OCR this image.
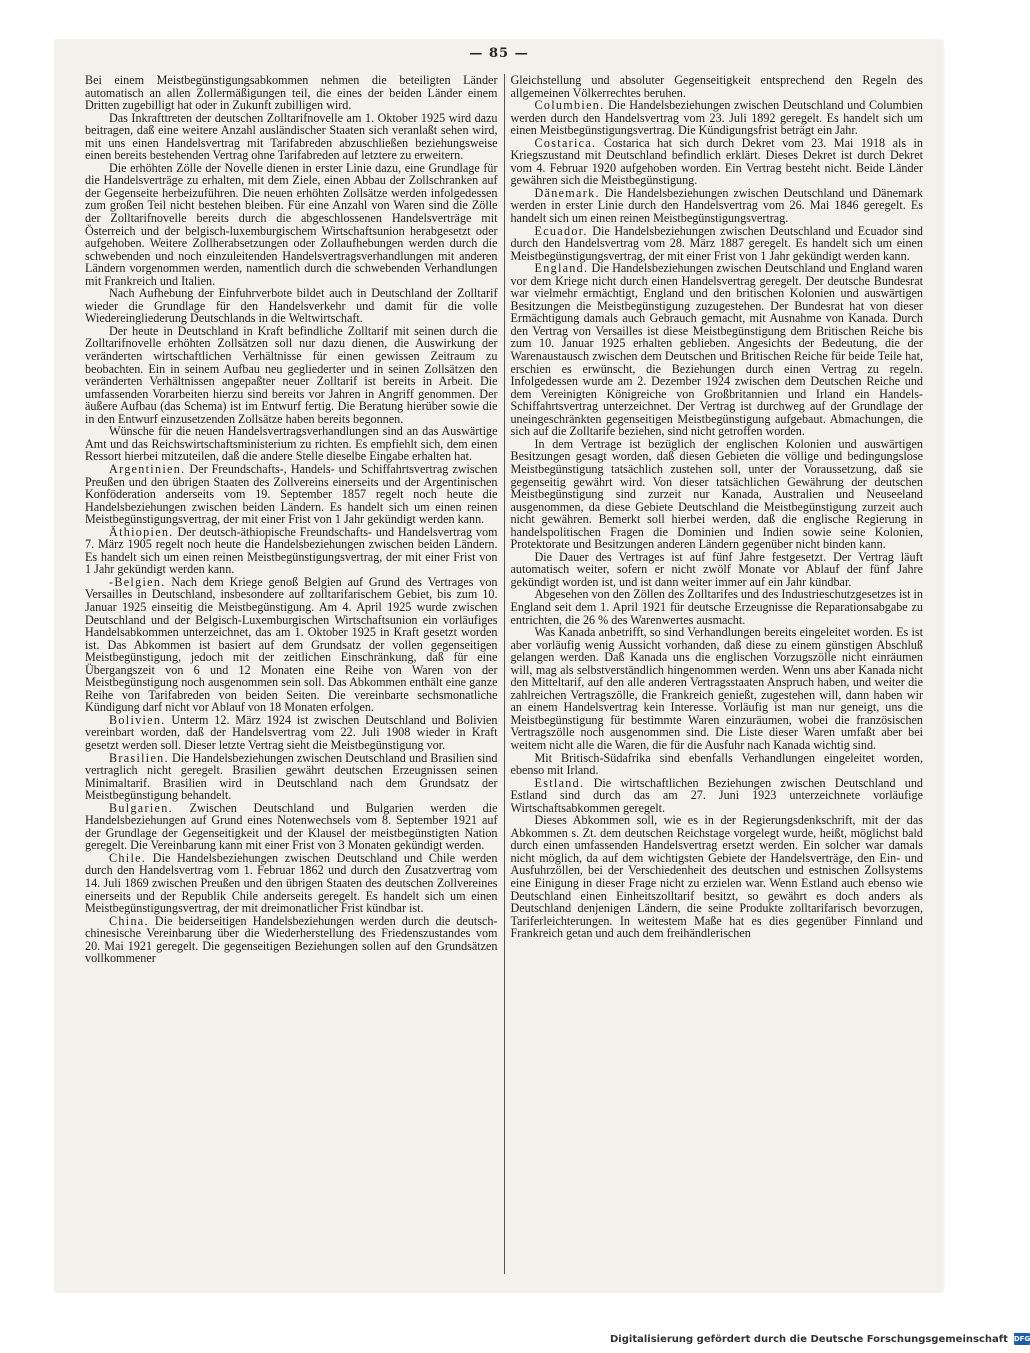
— 85 —

Bei einem Meistbegünstigungsabkommen nehmen die beteiligten Länder automatisch an allen Zollermäßigungen teil, die eines der beiden Länder einem Dritten zugebilligt hat oder in Zukunft zubilligen wird.

Das Inkrafttreten der deutschen Zolltarifnovelle am 1. Oktober 1925 wird dazu beitragen, daß eine weitere Anzahl ausländischer Staaten sich veranlaßt sehen wird, mit uns einen Handelsvertrag mit Tarifabreden abzuschließen beziehungsweise einen bereits bestehenden Vertrag ohne Tarifabreden auf letztere zu erweitern.

Die erhöhten Zölle der Novelle dienen in erster Linie dazu, eine Grundlage für die Handelsverträge zu erhalten, mit dem Ziele, einen Abbau der Zollschranken auf der Gegenseite herbeizuführen. Die neuen erhöhten Zollsätze werden infolgedessen zum großen Teil nicht bestehen bleiben. Für eine Anzahl von Waren sind die Zölle der Zolltarifnovelle bereits durch die abgeschlossenen Handelsverträge mit Österreich und der belgisch-luxemburgischem Wirtschaftsunion herabgesetzt oder aufgehoben. Weitere Zollherabsetzungen oder Zollaufhebungen werden durch die schwebenden und noch einzuleitenden Handelsvertragsverhandlungen mit anderen Ländern vorgenommen werden, namentlich durch die schwebenden Verhandlungen mit Frankreich und Italien.

Nach Aufhebung der Einfuhrverbote bildet auch in Deutschland der Zolltarif wieder die Grundlage für den Handelsverkehr und damit für die volle Wiedereingliederung Deutschlands in die Weltwirtschaft.

Der heute in Deutschland in Kraft befindliche Zolltarif mit seinen durch die Zolltarifnovelle erhöhten Zollsätzen soll nur dazu dienen, die Auswirkung der veränderten wirtschaftlichen Verhältnisse für einen gewissen Zeitraum zu beobachten. Ein in seinem Aufbau neu gegliederter und in seinen Zollsätzen den veränderten Verhältnissen angepaßter neuer Zolltarif ist bereits in Arbeit. Die umfassenden Vorarbeiten hierzu sind bereits vor Jahren in Angriff genommen. Der äußere Aufbau (das Schema) ist im Entwurf fertig. Die Beratung hierüber sowie die in den Entwurf einzusetzenden Zollsätze haben bereits begonnen.

Wünsche für die neuen Handelsvertragsverhandlungen sind an das Auswärtige Amt und das Reichswirtschaftsministerium zu richten. Es empfiehlt sich, dem einen Ressort hierbei mitzuteilen, daß die andere Stelle dieselbe Eingabe erhalten hat.

Argentinien. Der Freundschafts-, Handels- und Schiffahrtsvertrag zwischen Preußen und den übrigen Staaten des Zollvereins einerseits und der Argentinischen Konföderation anderseits vom 19. September 1857 regelt noch heute die Handelsbeziehungen zwischen beiden Ländern. Es handelt sich um einen reinen Meistbegünstigungsvertrag, der mit einer Frist von 1 Jahr gekündigt werden kann.

Äthiopien. Der deutsch-äthiopische Freundschafts- und Handelsvertrag vom 7. März 1905 regelt noch heute die Handelsbeziehungen zwischen beiden Ländern. Es handelt sich um einen reinen Meistbegünstigungsvertrag, der mit einer Frist von 1 Jahr gekündigt werden kann.

-Belgien. Nach dem Kriege genoß Belgien auf Grund des Vertrages von Versailles in Deutschland, insbesondere auf zolltarifarischem Gebiet, bis zum 10. Januar 1925 einseitig die Meistbegünstigung. Am 4. April 1925 wurde zwischen Deutschland und der Belgisch-Luxemburgischen Wirtschaftsunion ein vorläufiges Handelsabkommen unterzeichnet, das am 1. Oktober 1925 in Kraft gesetzt worden ist. Das Abkommen ist basiert auf dem Grundsatz der vollen gegenseitigen Meistbegünstigung, jedoch mit der zeitlichen Einschränkung, daß für eine Übergangszeit von 6 und 12 Monaten eine Reihe von Waren von der Meistbegünstigung noch ausgenommen sein soll. Das Abkommen enthält eine ganze Reihe von Tarifabreden von beiden Seiten. Die vereinbarte sechsmonatliche Kündigung darf nicht vor Ablauf von 18 Monaten erfolgen.

Bolivien. Unterm 12. März 1924 ist zwischen Deutschland und Bolivien vereinbart worden, daß der Handelsvertrag vom 22. Juli 1908 wieder in Kraft gesetzt werden soll. Dieser letzte Vertrag sieht die Meistbegünstigung vor.

Brasilien. Die Handelsbeziehungen zwischen Deutschland und Brasilien sind vertraglich nicht geregelt. Brasilien gewährt deutschen Erzeugnissen seinen Minimaltarif. Brasilien wird in Deutschland nach dem Grundsatz der Meistbegünstigung behandelt.

Bulgarien. Zwischen Deutschland und Bulgarien werden die Handelsbeziehungen auf Grund eines Notenwechsels vom 8. September 1921 auf der Grundlage der Gegenseitigkeit und der Klausel der meistbegünstigten Nation geregelt. Die Vereinbarung kann mit einer Frist von 3 Monaten gekündigt werden.

Chile. Die Handelsbeziehungen zwischen Deutschland und Chile werden durch den Handelsvertrag vom 1. Februar 1862 und durch den Zusatzvertrag vom 14. Juli 1869 zwischen Preußen und den übrigen Staaten des deutschen Zollvereines einerseits und der Republik Chile anderseits geregelt. Es handelt sich um einen Meistbegünstigungsvertrag, der mit dreimonatlicher Frist kündbar ist.

China. Die beiderseitigen Handelsbeziehungen werden durch die deutsch-chinesische Vereinbarung über die Wiederherstellung des Friedenszustandes vom 20. Mai 1921 geregelt. Die gegenseitigen Beziehungen sollen auf den Grundsätzen vollkommener

Gleichstellung und absoluter Gegenseitigkeit entsprechend den Regeln des allgemeinen Völkerrechtes beruhen.

Columbien. Die Handelsbeziehungen zwischen Deutschland und Columbien werden durch den Handelsvertrag vom 23. Juli 1892 geregelt. Es handelt sich um einen Meistbegünstigungsvertrag. Die Kündigungsfrist beträgt ein Jahr.

Costarica. Costarica hat sich durch Dekret vom 23. Mai 1918 als in Kriegszustand mit Deutschland befindlich erklärt. Dieses Dekret ist durch Dekret vom 4. Februar 1920 aufgehoben worden. Ein Vertrag besteht nicht. Beide Länder gewähren sich die Meistbegünstigung.

Dänemark. Die Handelsbeziehungen zwischen Deutschland und Dänemark werden in erster Linie durch den Handelsvertrag vom 26. Mai 1846 geregelt. Es handelt sich um einen reinen Meistbegünstigungsvertrag.

Ecuador. Die Handelsbeziehungen zwischen Deutschland und Ecuador sind durch den Handelsvertrag vom 28. März 1887 geregelt. Es handelt sich um einen Meistbegünstigungsvertrag, der mit einer Frist von 1 Jahr gekündigt werden kann.

England. Die Handelsbeziehungen zwischen Deutschland und England waren vor dem Kriege nicht durch einen Handelsvertrag geregelt. Der deutsche Bundesrat war vielmehr ermächtigt, England und den britischen Kolonien und auswärtigen Besitzungen die Meistbegünstigung zuzugestehen. Der Bundesrat hat von dieser Ermächtigung damals auch Gebrauch gemacht, mit Ausnahme von Kanada. Durch den Vertrag von Versailles ist diese Meistbegünstigung dem Britischen Reiche bis zum 10. Januar 1925 erhalten geblieben. Angesichts der Bedeutung, die der Warenaustausch zwischen dem Deutschen und Britischen Reiche für beide Teile hat, erschien es erwünscht, die Beziehungen durch einen Vertrag zu regeln. Infolgedessen wurde am 2. Dezember 1924 zwischen dem Deutschen Reiche und dem Vereinigten Königreiche von Großbritannien und Irland ein Handels-Schiffahrtsvertrag unterzeichnet. Der Vertrag ist durchweg auf der Grundlage der uneingeschränkten gegenseitigen Meistbegünstigung aufgebaut. Abmachungen, die sich auf die Zolltarife beziehen, sind nicht getroffen worden.

In dem Vertrage ist bezüglich der englischen Kolonien und auswärtigen Besitzungen gesagt worden, daß diesen Gebieten die völlige und bedingungslose Meistbegünstigung tatsächlich zustehen soll, unter der Voraussetzung, daß sie gegenseitig gewährt wird. Von dieser tatsächlichen Gewährung der deutschen Meistbegünstigung sind zurzeit nur Kanada, Australien und Neuseeland ausgenommen, da diese Gebiete Deutschland die Meistbegünstigung zurzeit auch nicht gewähren. Bemerkt soll hierbei werden, daß die englische Regierung in handelspolitischen Fragen die Dominien und Indien sowie seine Kolonien, Protektorate und Besitzungen anderen Ländern gegenüber nicht binden kann.

Die Dauer des Vertrages ist auf fünf Jahre festgesetzt. Der Vertrag läuft automatisch weiter, sofern er nicht zwölf Monate vor Ablauf der fünf Jahre gekündigt worden ist, und ist dann weiter immer auf ein Jahr kündbar.

Abgesehen von den Zöllen des Zolltarifes und des Industrieschutzgesetzes ist in England seit dem 1. April 1921 für deutsche Erzeugnisse die Reparationsabgabe zu entrichten, die 26 % des Warenwertes ausmacht.

Was Kanada anbetrifft, so sind Verhandlungen bereits eingeleitet worden. Es ist aber vorläufig wenig Aussicht vorhanden, daß diese zu einem günstigen Abschluß gelangen werden. Daß Kanada uns die englischen Vorzugszölle nicht einräumen will, mag als selbstverständlich hingenommen werden. Wenn uns aber Kanada nicht den Mitteltarif, auf den alle anderen Vertragsstaaten Anspruch haben, und weiter die zahlreichen Vertragszölle, die Frankreich genießt, zugestehen will, dann haben wir an einem Handelsvertrag kein Interesse. Vorläufig ist man nur geneigt, uns die Meistbegünstigung für bestimmte Waren einzuräumen, wobei die französischen Vertragszölle noch ausgenommen sind. Die Liste dieser Waren umfaßt aber bei weitem nicht alle die Waren, die für die Ausfuhr nach Kanada wichtig sind.

Mit Britisch-Südafrika sind ebenfalls Verhandlungen eingeleitet worden, ebenso mit Irland.

Estland. Die wirtschaftlichen Beziehungen zwischen Deutschland und Estland sind durch das am 27. Juni 1923 unterzeichnete vorläufige Wirtschaftsabkommen geregelt.

Dieses Abkommen soll, wie es in der Regierungsdenkschrift, mit der das Abkommen s. Zt. dem deutschen Reichstage vorgelegt wurde, heißt, möglichst bald durch einen umfassenden Handelsvertrag ersetzt werden. Ein solcher war damals nicht möglich, da auf dem wichtigsten Gebiete der Handelsverträge, den Ein- und Ausfuhrzöllen, bei der Verschiedenheit des deutschen und estnischen Zollsystems eine Einigung in dieser Frage nicht zu erzielen war. Wenn Estland auch ebenso wie Deutschland einen Einheitszolltarif besitzt, so gewährt es doch anders als Deutschland denjenigen Ländern, die seine Produkte zolltarifarisch bevorzugen, Tariferleichterungen. In weitestem Maße hat es dies gegenüber Finnland und Frankreich getan und auch dem freihändlerischen

Digitalisierung gefördert durch die Deutsche Forschungsgemeinschaft DFG
